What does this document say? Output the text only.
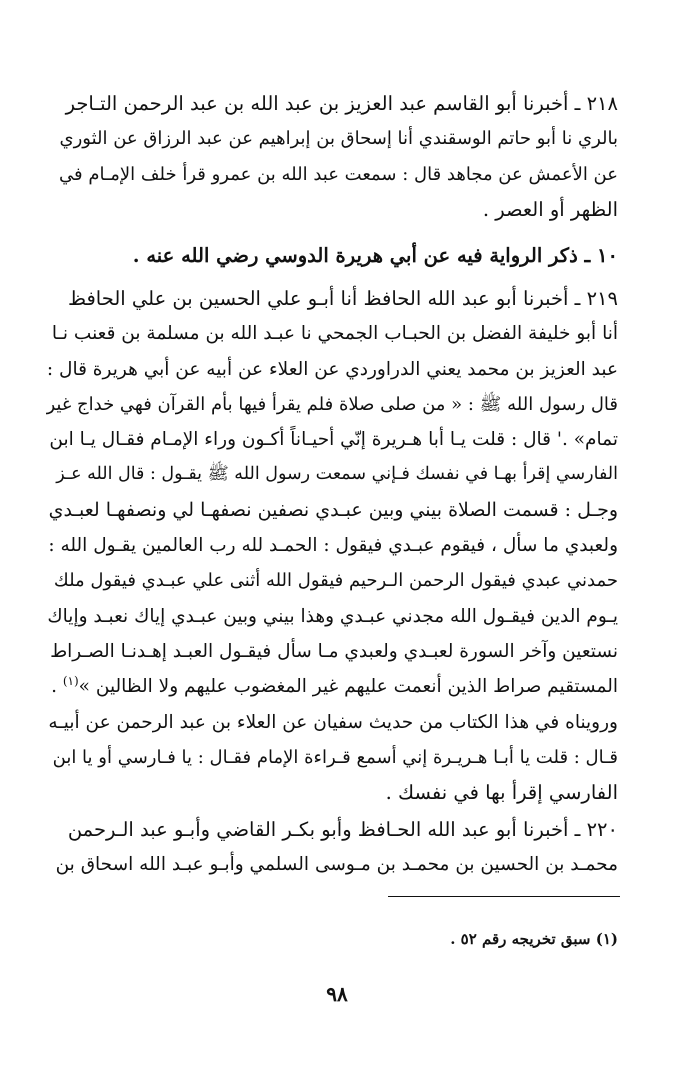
٢١٨ ـ أخبرنا أبو القاسم عبد العزيز بن عبد الله بن عبد الرحمن التـاجر
بالري نا أبو حاتم الوسقندي أنا إسحاق بن إبراهيم عن عبد الرزاق عن الثوري
عن الأعمش عن مجاهد قال : سمعت عبد الله بن عمرو قرأ خلف الإمـام في
الظهر أو العصر .
١٠ ـ ذكر الرواية فيه عن أبي هريرة الدوسي رضي الله عنه .
٢١٩ ـ أخبرنا أبو عبد الله الحافظ أنا أبـو علي الحسين بن علي الحافظ
أنا أبو خليفة الفضل بن الحبـاب الجمحي نا عبـد الله بن مسلمة بن قعنب نـا
عبد العزيز بن محمد يعني الدراوردي عن العلاء عن أبيه عن أبي هريرة قال :
قال رسول الله ﷺ : « من صلى صلاة فلم يقرأ فيها بأم القرآن فهي خداج غير
تمام» .' قال : قلت يـا أبا هـريرة إنّي أحيـاناً أكـون وراء الإمـام فقـال يـا ابن
الفارسي إقرأ بهـا في نفسك فـإني سمعت رسول الله ﷺ يقـول : قال الله عـز
وجـل : قسمت الصلاة بيني وبين عبـدي نصفين نصفهـا لي ونصفهـا لعبـدي
ولعبدي ما سأل ، فيقوم عبـدي فيقول : الحمـد لله رب العالمين يقـول الله :
حمدني عبدي فيقول الرحمن الـرحيم فيقول الله أثنى علي عبـدي فيقول ملك
يـوم الدين فيقـول الله مجدني عبـدي وهذا بيني وبين عبـدي إياك نعبـد وإياك
نستعين وآخر السورة لعبـدي ولعبدي مـا سأل فيقـول العبـد إهـدنـا الصـراط
المستقيم صراط الذين أنعمت عليهم غير المغضوب عليهم ولا الظالين »$^{(١)}$ .
ورويناه في هذا الكتاب من حديث سفيان عن العلاء بن عبد الرحمن عن أبيـه
قـال : قلت يا أبـا هـريـرة إني أسمع قـراءة الإمام فقـال : يا فـارسي أو يا ابن
الفارسي إقرأ بها في نفسك .
٢٢٠ ـ أخبرنا أبو عبد الله الحـافظ وأبو بكـر القاضي وأبـو عبد الـرحمن
محمـد بن الحسين بن محمـد بن مـوسى السلمي وأبـو عبـد الله اسحاق بن
(١) سبق تخريجه رقم ٥٢ .
٩٨
